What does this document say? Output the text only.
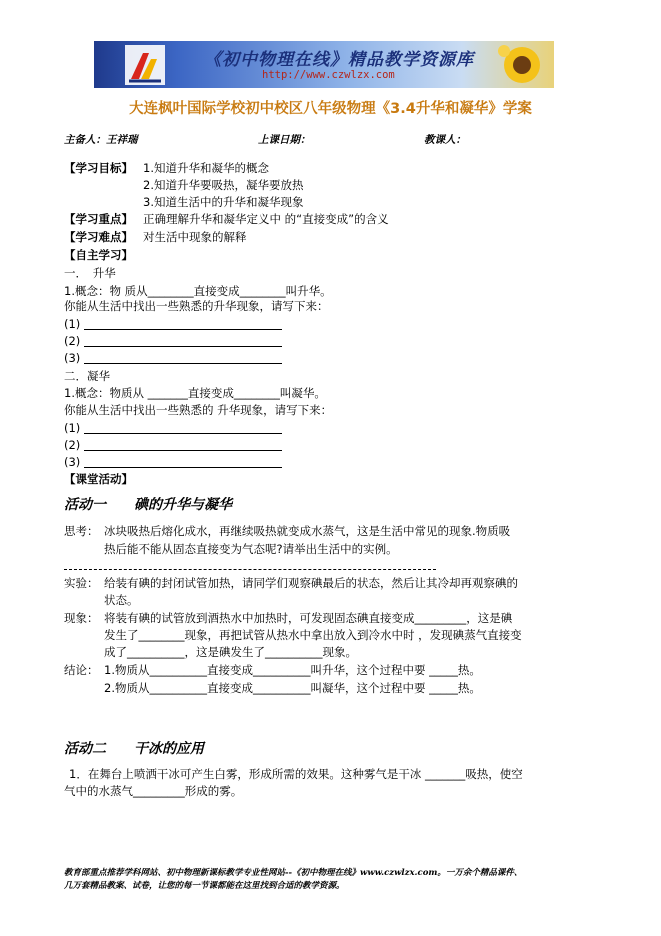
《初中物理在线》精品教学资源库
http://www.czwlzx.com
大连枫叶国际学校初中校区八年级物理《3.4升华和凝华》学案
主备人：王祥瑞	上课日期：	教课人：
【学习目标】 1.知道升华和凝华的概念
2.知道升华要吸热，凝华要放热
3.知道生活中的升华和凝华现象
【学习重点】 正确理解升华和凝华定义中 的“直接变成”的含义
【学习难点】 对生活中现象的解释
【自主学习】
一．　升华
1.概念：物 质从________直接变成________叫升华。
你能从生活中找出一些熟悉的升华现象，请写下来：
(1)
(2)
(3)
二．凝华
1.概念：物质从 _______直接变成________叫凝华。
你能从生活中找出一些熟悉的 升华现象，请写下来：
(1)
(2)
(3)
【课堂活动】
活动一　　碘的升华与凝华
思考： 冰块吸热后熔化成水，再继续吸热就变成水蒸气，这是生活中常见的现象.物质吸
热后能不能从固态直接变为气态呢?请举出生活中的实例。
实验： 给装有碘的封闭试管加热，请同学们观察碘最后的状态，然后让其冷却再观察碘的
状态。
现象： 将装有碘的试管放到酒热水中加热时，可发现固态碘直接变成_________，这是碘
发生了________现象，再把试管从热水中拿出放入到冷水中时 ，发现碘蒸气直接变
成了__________，这是碘发生了__________现象。
结论： 1.物质从__________直接变成__________叫升华，这个过程中要 _____热。
2.物质从__________直接变成__________叫凝华，这个过程中要 _____热。
活动二　　干冰的应用
1．在舞台上喷洒干冰可产生白雾，形成所需的效果。这种雾气是干冰 _______吸热，使空
气中的水蒸气_________形成的雾。
教育部重点推荐学科网站、初中物理新课标教学专业性网站--《初中物理在线》www.czwlzx.com。一万余个精品课件、
几万套精品教案、试卷，让您的每一节课都能在这里找到合适的教学资源。
